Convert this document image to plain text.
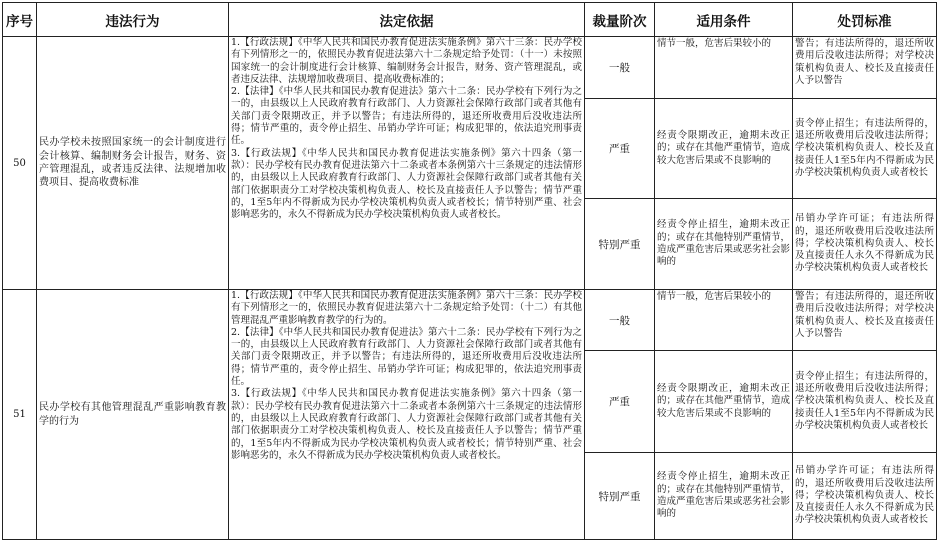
序号	违法行为	法定依据	裁量阶次	适用条件	处罚标准
50	民办学校未按照国家统一的会计制度进行会计核算、编制财务会计报告，财务、资产管理混乱，或者违反法律、法规增加收费项目、提高收费标准	1.【行政法规】《中华人民共和国民办教育促进法实施条例》第六十三条：民办学校有下列情形之一的，依照民办教育促进法第六十二条规定给予处罚：（十一）未按照国家统一的会计制度进行会计核算、编制财务会计报告，财务、资产管理混乱，或者违反法律、法规增加收费项目、提高收费标准的；

2.【法律】《中华人民共和国民办教育促进法》第六十二条：民办学校有下列行为之一的，由县级以上人民政府教育行政部门、人力资源社会保障行政部门或者其他有关部门责令限期改正，并予以警告；有违法所得的，退还所收费用后没收违法所得；情节严重的，责令停止招生、吊销办学许可证；构成犯罪的，依法追究刑事责任。

3.【行政法规】《中华人民共和国民办教育促进法实施条例》第六十四条（第一款）：民办学校有民办教育促进法第六十二条或者本条例第六十三条规定的违法情形的，由县级以上人民政府教育行政部门、人力资源社会保障行政部门或者其他有关部门依据职责分工对学校决策机构负责人、校长及直接责任人予以警告；情节严重的，1至5年内不得新成为民办学校决策机构负责人或者校长；情节特别严重、社会影响恶劣的，永久不得新成为民办学校决策机构负责人或者校长。	一般	情节一般，危害后果较小的	警告；有违法所得的，退还所收费用后没收违法所得；对学校决策机构负责人、校长及直接责任人予以警告
			严重	经责令限期改正，逾期未改正的；或存在其他严重情节，造成较大危害后果或不良影响的	责令停止招生；有违法所得的，退还所收费用后没收违法所得；学校决策机构负责人、校长及直接责任人1至5年内不得新成为民办学校决策机构负责人或者校长
			特别严重	经责令停止招生，逾期未改正的；或存在其他特别严重情节，造成严重危害后果或恶劣社会影响的	吊销办学许可证；有违法所得的，退还所收费用后没收违法所得；学校决策机构负责人、校长及直接责任人永久不得新成为民办学校决策机构负责人或者校长
51	民办学校有其他管理混乱严重影响教育教学的行为	1.【行政法规】《中华人民共和国民办教育促进法实施条例》第六十三条：民办学校有下列情形之一的，依照民办教育促进法第六十二条规定给予处罚：（十二）有其他管理混乱严重影响教育教学的行为的。

2.【法律】《中华人民共和国民办教育促进法》第六十二条：民办学校有下列行为之一的，由县级以上人民政府教育行政部门、人力资源社会保障行政部门或者其他有关部门责令限期改正，并予以警告；有违法所得的，退还所收费用后没收违法所得；情节严重的，责令停止招生、吊销办学许可证；构成犯罪的，依法追究刑事责任。

3.【行政法规】《中华人民共和国民办教育促进法实施条例》第六十四条（第一款）：民办学校有民办教育促进法第六十二条或者本条例第六十三条规定的违法情形的，由县级以上人民政府教育行政部门、人力资源社会保障行政部门或者其他有关部门依据职责分工对学校决策机构负责人、校长及直接责任人予以警告；情节严重的，1至5年内不得新成为民办学校决策机构负责人或者校长；情节特别严重、社会影响恶劣的，永久不得新成为民办学校决策机构负责人或者校长。	一般	情节一般，危害后果较小的	警告；有违法所得的，退还所收费用后没收违法所得；对学校决策机构负责人、校长及直接责任人予以警告
			严重	经责令限期改正，逾期未改正的；或存在其他严重情节，造成较大危害后果或不良影响的	责令停止招生；有违法所得的，退还所收费用后没收违法所得；学校决策机构负责人、校长及直接责任人1至5年内不得新成为民办学校决策机构负责人或者校长
			特别严重	经责令停止招生，逾期未改正的；或存在其他特别严重情节，造成严重危害后果或恶劣社会影响的	吊销办学许可证；有违法所得的，退还所收费用后没收违法所得；学校决策机构负责人、校长及直接责任人永久不得新成为民办学校决策机构负责人或者校长
